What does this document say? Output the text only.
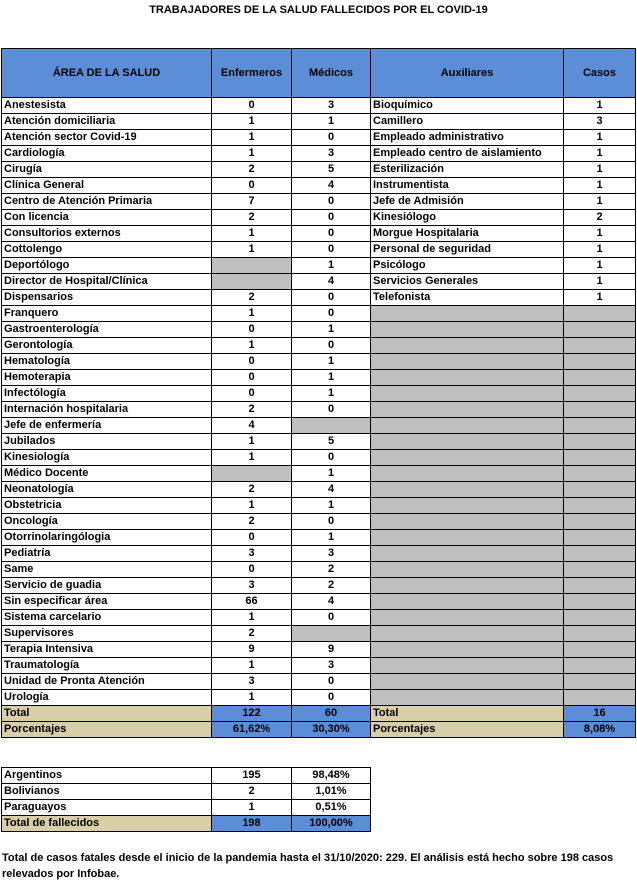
TRABAJADORES DE LA SALUD FALLECIDOS POR EL COVID-19
ÁREA DE LA SALUD	Enfermeros	Médicos	Auxiliares	Casos
Anestesista	0	3	Bioquímico	1
Atención domiciliaria	1	1	Camillero	3
Atención sector Covid-19	1	0	Empleado administrativo	1
Cardiología	1	3	Empleado centro de aislamiento	1
Cirugía	2	5	Esterilización	1
Clínica General	0	4	Instrumentista	1
Centro de Atención Primaria	7	0	Jefe de Admisión	1
Con licencia	2	0	Kinesiólogo	2
Consultorios externos	1	0	Morgue Hospitalaria	1
Cottolengo	1	0	Personal de seguridad	1
Deportólogo		1	Psicólogo	1
Director de Hospital/Clínica		4	Servicios Generales	1
Dispensarios	2	0	Telefonista	1
Franquero	1	0		
Gastroenterología	0	1		
Gerontología	1	0		
Hematología	0	1		
Hemoterapia	0	1		
Infectólogía	0	1		
Internación hospitalaria	2	0		
Jefe de enfermería	4			
Jubilados	1	5		
Kinesiología	1	0		
Médico Docente		1		
Neonatología	2	4		
Obstetricia	1	1		
Oncología	2	0		
Otorrinolaringólogia	0	1		
Pediatría	3	3		
Same	0	2		
Servicio de guadia	3	2		
Sin especificar área	66	4		
Sistema carcelario	1	0		
Supervisores	2			
Terapia Intensiva	9	9		
Traumatología	1	3		
Unidad de Pronta Atención	3	0		
Urología	1	0		
Total	122	60	Total	16
Porcentajes	61,62%	30,30%	Porcentajes	8,08%
Argentinos	195	98,48%
Bolivianos	2	1,01%
Paraguayos	1	0,51%
Total de fallecidos	198	100,00%
Total de casos fatales desde el inicio de la pandemia hasta el 31/10/2020: 229. El análisis está hecho sobre 198 casos relevados por Infobae.
